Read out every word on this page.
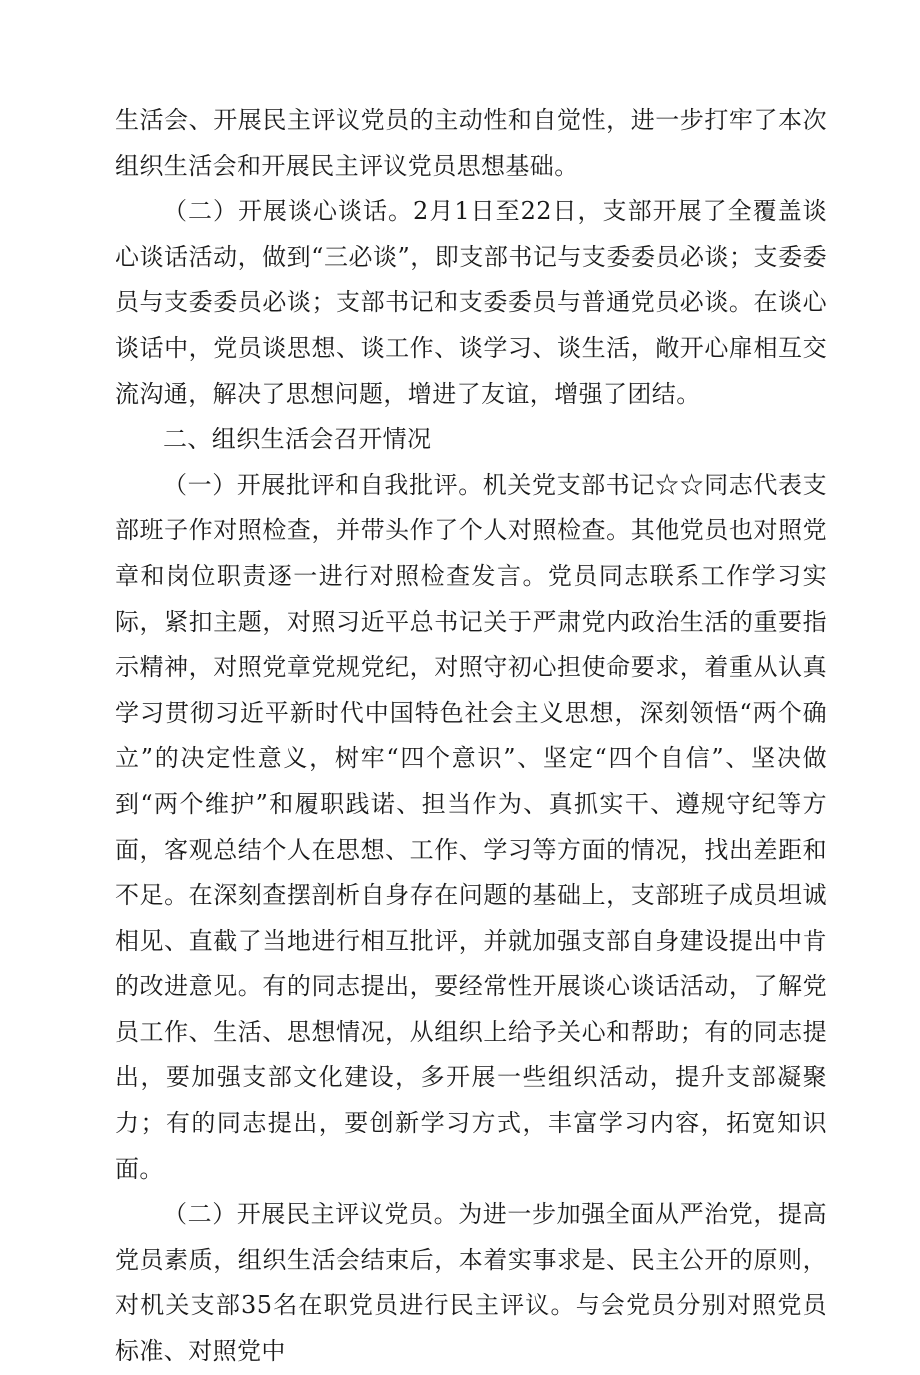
生活会、开展民主评议党员的主动性和自觉性，进一步打牢了本次组织生活会和开展民主评议党员思想基础。

（二）开展谈心谈话。2月1日至22日，支部开展了全覆盖谈心谈话活动，做到“三必谈”，即支部书记与支委委员必谈；支委委员与支委委员必谈；支部书记和支委委员与普通党员必谈。在谈心谈话中，党员谈思想、谈工作、谈学习、谈生活，敞开心扉相互交流沟通，解决了思想问题，增进了友谊，增强了团结。

二、组织生活会召开情况

（一）开展批评和自我批评。机关党支部书记☆☆同志代表支部班子作对照检查，并带头作了个人对照检查。其他党员也对照党章和岗位职责逐一进行对照检查发言。党员同志联系工作学习实际，紧扣主题，对照习近平总书记关于严肃党内政治生活的重要指示精神，对照党章党规党纪，对照守初心担使命要求，着重从认真学习贯彻习近平新时代中国特色社会主义思想，深刻领悟“两个确立”的决定性意义，树牢“四个意识”、坚定“四个自信”、坚决做到“两个维护”和履职践诺、担当作为、真抓实干、遵规守纪等方面，客观总结个人在思想、工作、学习等方面的情况，找出差距和不足。在深刻查摆剖析自身存在问题的基础上，支部班子成员坦诚相见、直截了当地进行相互批评，并就加强支部自身建设提出中肯的改进意见。有的同志提出，要经常性开展谈心谈话活动，了解党员工作、生活、思想情况，从组织上给予关心和帮助；有的同志提出，要加强支部文化建设，多开展一些组织活动，提升支部凝聚力；有的同志提出，要创新学习方式，丰富学习内容，拓宽知识面。

（二）开展民主评议党员。为进一步加强全面从严治党，提高党员素质，组织生活会结束后，本着实事求是、民主公开的原则，对机关支部35名在职党员进行民主评议。与会党员分别对照党员标准、对照党中
